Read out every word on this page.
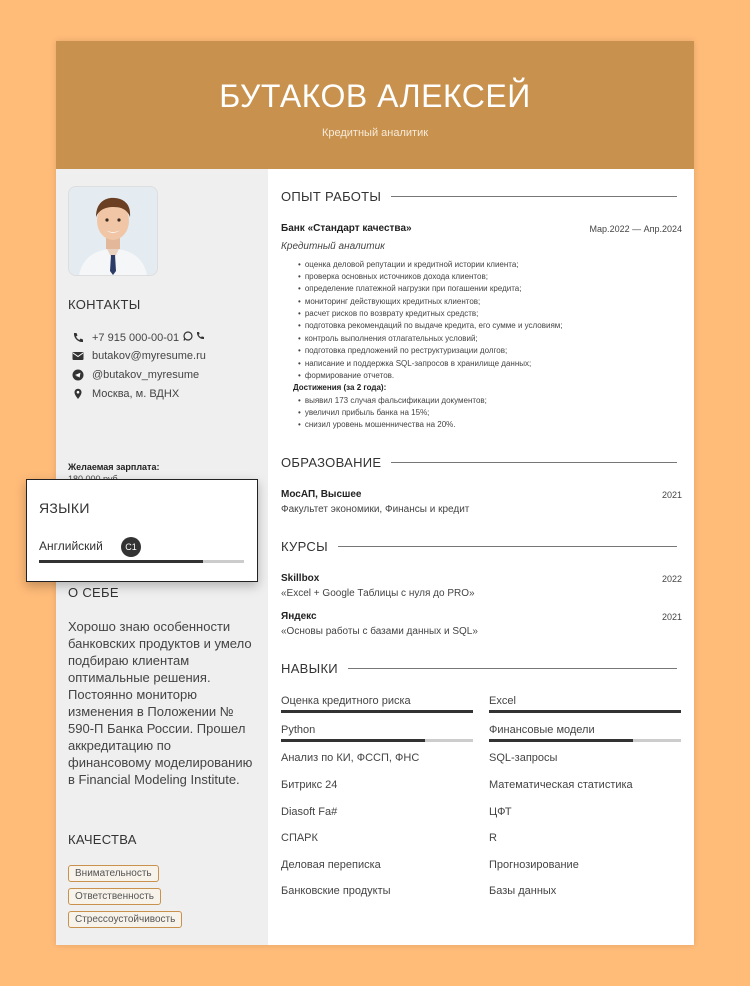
БУТАКОВ АЛЕКСЕЙ
Кредитный аналитик
КОНТАКТЫ
+7 915 000-00-01
butakov@myresume.ru
@butakov_myresume
Москва, м. ВДНХ
Желаемая зарплата:
О СЕБЕ
Хорошо знаю особенности банковских продуктов и умело подбираю клиентам оптимальные решения. Постоянно мониторю изменения в Положении № 590-П Банка России. Прошел аккредитацию по финансовому моделированию в Financial Modeling Institute.
КАЧЕСТВА
Внимательность
Ответственность
Стрессоустойчивость
ОПЫТ РАБОТЫ
Банк «Стандарт качества»	Мар.2022 — Апр.2024
Кредитный аналитик
• оценка деловой репутации и кредитной истории клиента;
• проверка основных источников дохода клиентов;
• определение платежной нагрузки при погашении кредита;
• мониторинг действующих кредитных клиентов;
• расчет рисков по возврату кредитных средств;
• подготовка рекомендаций по выдаче кредита, его сумме и условиям;
• контроль выполнения отлагательных условий;
• подготовка предложений по реструктуризации долгов;
• написание и поддержка SQL-запросов в хранилище данных;
• формирование отчетов.
Достижения (за 2 года):
• выявил 173 случая фальсификации документов;
• увеличил прибыль банка на 15%;
• снизил уровень мошенничества на 20%.
ОБРАЗОВАНИЕ
МосАП, Высшее	2021
Факультет экономики, Финансы и кредит
КУРСЫ
Skillbox	2022
«Excel + Google Таблицы с нуля до PRO»
Яндекс	2021
«Основы работы с базами данных и SQL»
НАВЫКИ
Оценка кредитного риска	Excel
Python	Финансовые модели
Анализ по КИ, ФССП, ФНС	SQL-запросы
Битрикс 24	Математическая статистика
Diasoft Fa#	ЦФТ
СПАРК	R
Деловая переписка	Прогнозирование
Банковские продукты	Базы данных
ЯЗЫКИ
Английский	C1
